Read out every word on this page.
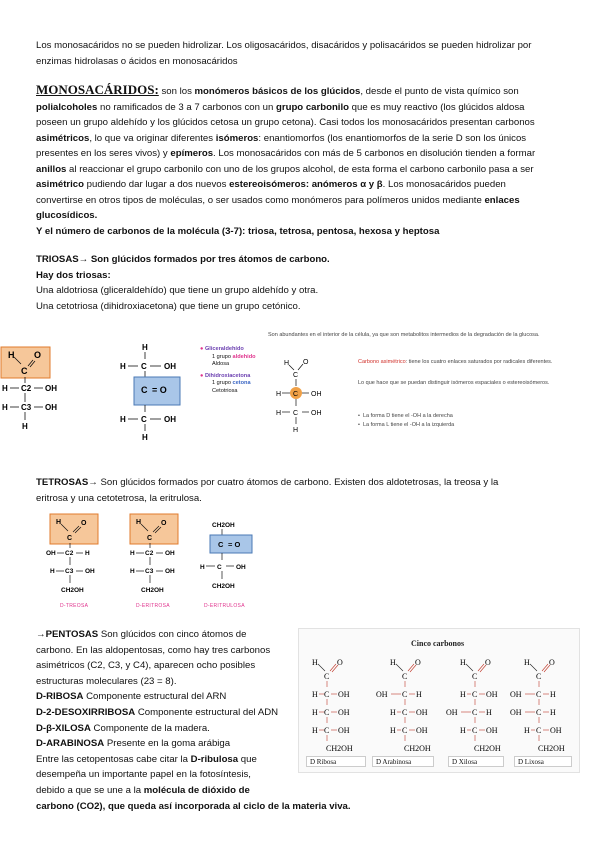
Los monosacáridos no se pueden hidrolizar. Los oligosacáridos, disacáridos y polisacáridos se pueden hidrolizar por
enzimas hidrolasas o ácidos en monosacáridos
MONOSACÁRIDOS: son los monómeros básicos de los glúcidos, desde el punto de vista químico son
polialcoholes no ramificados de 3 a 7 carbonos con un grupo carbonilo que es muy reactivo (los glúcidos aldosa
poseen un grupo aldehído y los glúcidos cetosa un grupo cetona). Casi todos los monosacáridos presentan carbonos
asimétricos, lo que va originar diferentes isómeros: enantiomorfos (los enantiomorfos de la serie D son los únicos
presentes en los seres vivos) y epímeros. Los monosacáridos con más de 5 carbonos en disolución tienden a formar
anillos al reaccionar el grupo carbonilo con uno de los grupos alcohol, de esta forma el carbono carbonilo pasa a ser
asimétrico pudiendo dar lugar a dos nuevos estereoisómeros: anómeros α y β. Los monosacáridos pueden
convertirse en otros tipos de moléculas, o ser usados como monómeros para polímeros unidos mediante enlaces
glucosídicos.
Y el número de carbonos de la molécula (3-7): triosa, tetrosa, pentosa, hexosa y heptosa
TRIOSAS→ Son glúcidos formados por tres átomos de carbono.
Hay dos triosas:
Una aldotriosa (gliceraldehído) que tiene un grupo aldehído y otra.
Una cetotriosa (dihidroxiacetona) que tiene un grupo cetónico.
H
C
O
H C2 OH
H C3 OH
H
H
H C OH
C = O
H C OH
H
● Gliceraldehído
1 grupo aldehido
Aldosa
● Dihidroxiacetona
1 grupo cetona
Cetotriosa
H
C
O
H C OH
H C OH
H
Son abundantes en el interior de la célula, ya que son metabolitos intermedios de la degradación de la glucosa.
Carbono asimétrico: tiene los cuatro enlaces saturados por radicales diferentes.
Lo que hace que se puedan distinguir isómeros espaciales o estereoisómeros.
•  La forma D tiene el -OH a la derecha
•  La forma L tiene el -OH a la izquierda
TETROSAS→ Son glúcidos formados por cuatro átomos de carbono. Existen dos aldotetrosas, la treosa y la
eritrosa y una cetotetrosa, la eritrulosa.
H
C
O
OH C2 H
H C3 OH
CH2OH
H
C
O
H C2 OH
H C3 OH
CH2OH
CH2OH
C = O
H C OH
CH2OH
D-TREOSA	D-ERITROSA	D-ERITRULOSA
→PENTOSAS Son glúcidos con cinco átomos de
carbono. En las aldopentosas, como hay tres carbonos
asimétricos (C2, C3, y C4), aparecen ocho posibles
estructuras moleculares (23 = 8).
D-RIBOSA Componente estructural del ARN
D-2-DESOXIRRIBOSA Componente estructural del ADN
D-β-XILOSA Componente de la madera.
D-ARABINOSA Presente en la goma arábiga
Entre las cetopentosas cabe citar la D-ribulosa que
desempeña un importante papel en la fotosíntesis,
debido a que se une a la molécula de dióxido de
carbono (CO2), que queda así incorporada al ciclo de la materia viva.
Cinco carbonos
H
C
O
H C OH
H C OH
H C OH
CH2OH
H
C
O
OH C H
H C OH
H C OH
CH2OH
H
C
O
H C OH
OH C H
H C OH
CH2OH
H
C
O
OH C H
OH C H
H C OH
CH2OH
D Ribosa	D Arabinosa	D Xilosa	D Lixosa
